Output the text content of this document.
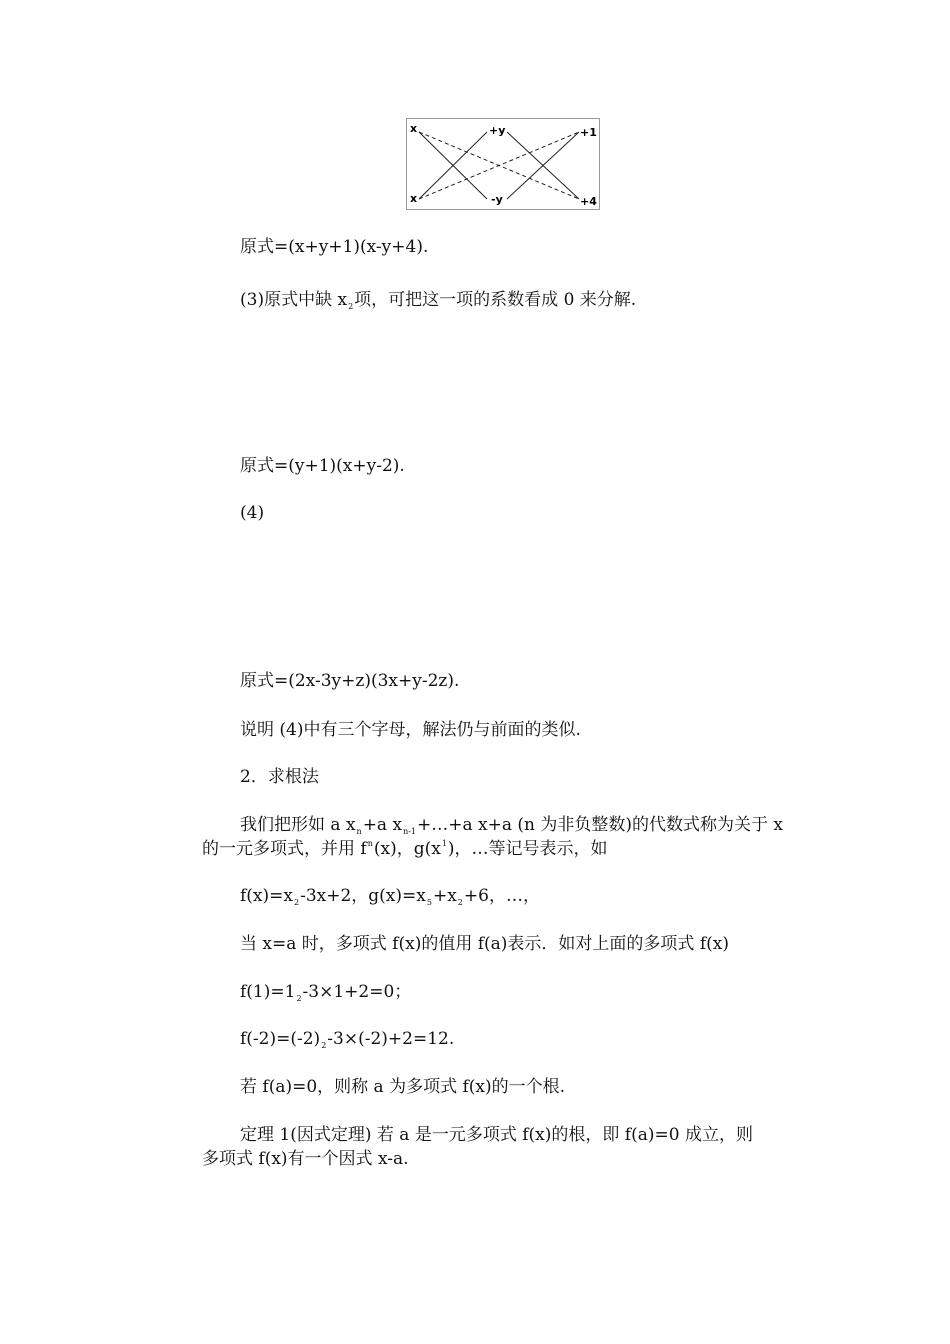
x
x
+y
-y
+1
+4

原式=(x+y+1)(x-y+4).

(3)原式中缺 $x_2$项，可把这一项的系数看成 0 来分解.

原式=(y+1)(x+y-2).

(4)

原式=(2x-3y+z)(3x+y-2z).

说明 (4)中有三个字母，解法仍与前面的类似.

2．求根法

我们把形如 a $x_n+a$ $x_{n-1}+\dots+a$ x+a (n 为非负整数)的代数式称为关于 x

的一元多项式，并用 $f^n(x)$，$g(x^1)$，…等记号表示，如

$f(x)=x_2-3x+2$，$g(x)=x_5+x_2+6$，…，

当 x=a 时，多项式 f(x)的值用 f(a)表示．如对上面的多项式 f(x)

$f(1)=1_2-3\times 1+2=0$；

$f(-2)=(-2)_2-3\times(-2)+2=12$.

若 f(a)=0，则称 a 为多项式 f(x)的一个根.

定理 1(因式定理) 若 a 是一元多项式 f(x)的根，即 f(a)=0 成立，则

多项式 f(x)有一个因式 x-a.
